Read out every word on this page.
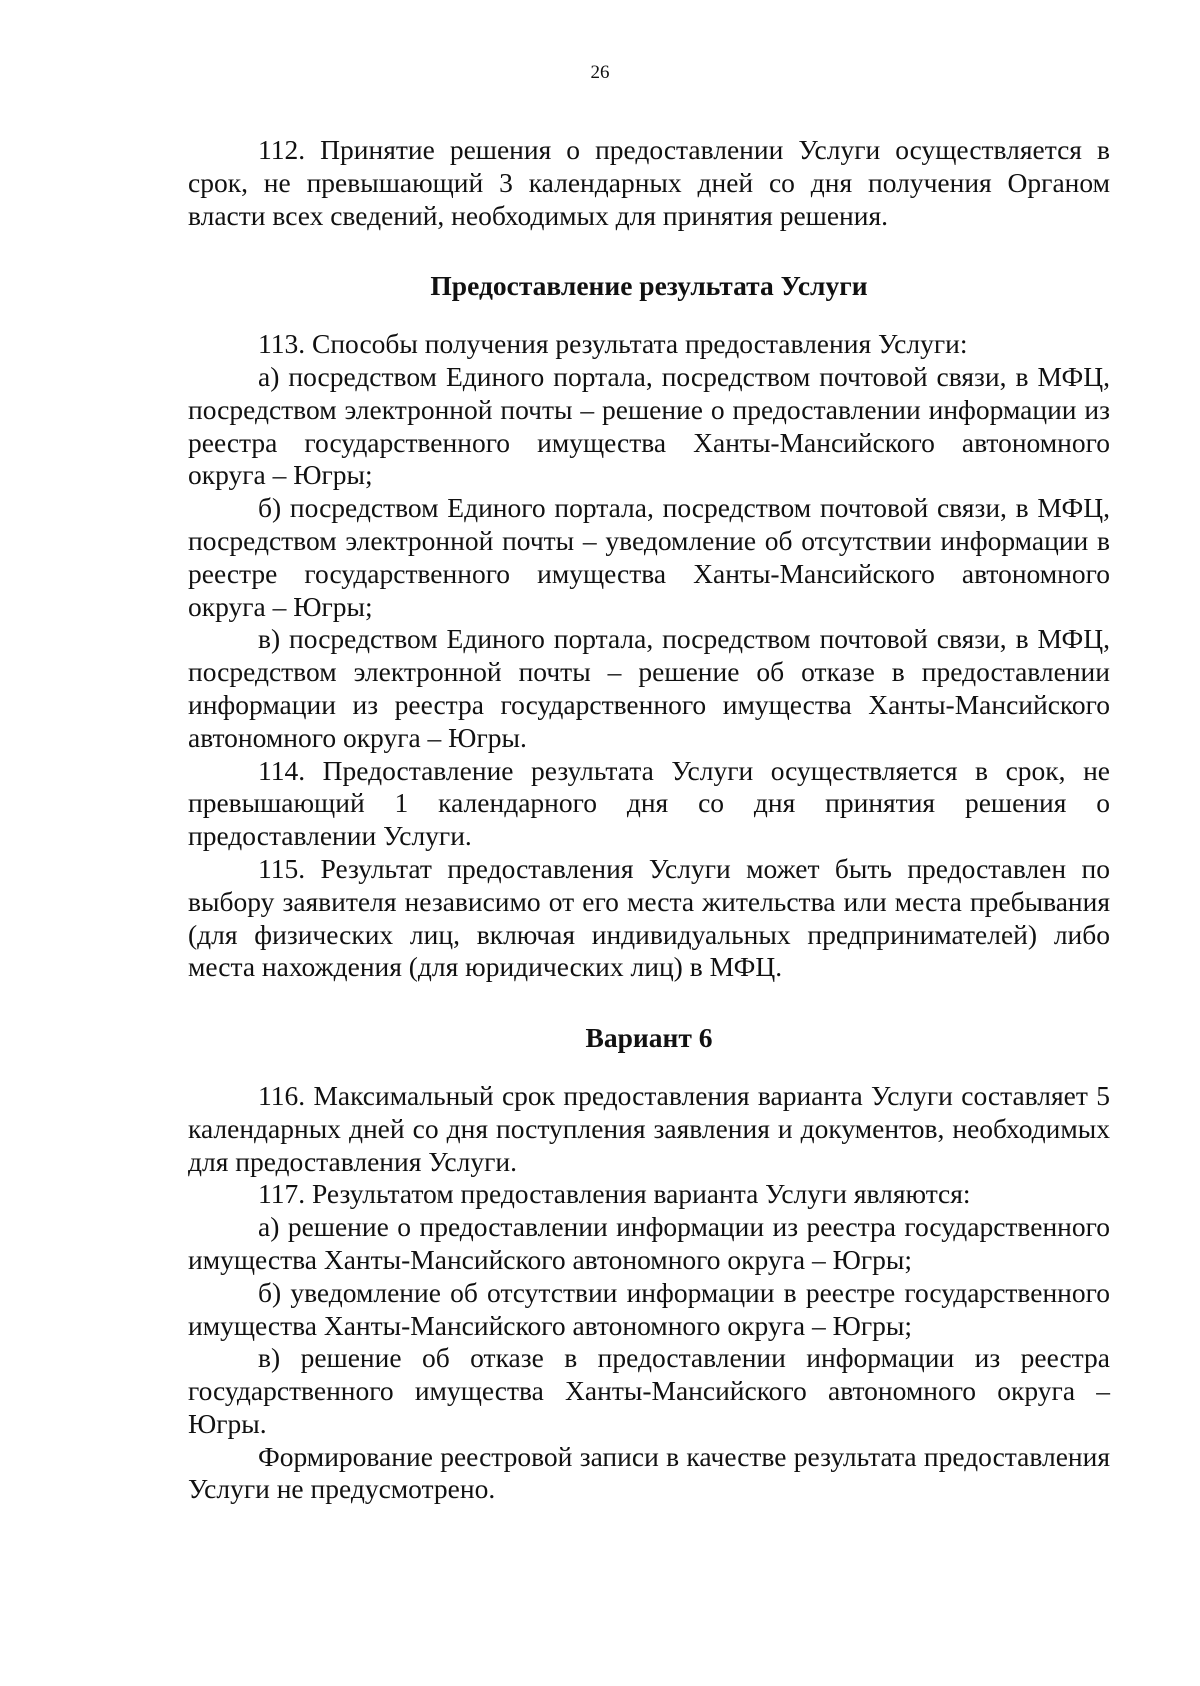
26

112. Принятие решения о предоставлении Услуги осуществляется в срок, не превышающий 3 календарных дней со дня получения Органом власти всех сведений, необходимых для принятия решения.

Предоставление результата Услуги

113. Способы получения результата предоставления Услуги:

а) посредством Единого портала, посредством почтовой связи, в МФЦ, посредством электронной почты – решение о предоставлении информации из реестра государственного имущества Ханты-Мансийского автономного округа – Югры;

б) посредством Единого портала, посредством почтовой связи, в МФЦ, посредством электронной почты – уведомление об отсутствии информации в реестре государственного имущества Ханты-Мансийского автономного округа – Югры;

в) посредством Единого портала, посредством почтовой связи, в МФЦ, посредством электронной почты – решение об отказе в предоставлении информации из реестра государственного имущества Ханты-Мансийского автономного округа – Югры.

114. Предоставление результата Услуги осуществляется в срок, не превышающий 1 календарного дня со дня принятия решения о предоставлении Услуги.

115. Результат предоставления Услуги может быть предоставлен по выбору заявителя независимо от его места жительства или места пребывания (для физических лиц, включая индивидуальных предпринимателей) либо места нахождения (для юридических лиц) в МФЦ.

Вариант 6

116. Максимальный срок предоставления варианта Услуги составляет 5 календарных дней со дня поступления заявления и документов, необходимых для предоставления Услуги.

117. Результатом предоставления варианта Услуги являются:

а) решение о предоставлении информации из реестра государственного имущества Ханты-Мансийского автономного округа – Югры;

б) уведомление об отсутствии информации в реестре государственного имущества Ханты-Мансийского автономного округа – Югры;

в) решение об отказе в предоставлении информации из реестра государственного имущества Ханты-Мансийского автономного округа – Югры.

Формирование реестровой записи в качестве результата предоставления Услуги не предусмотрено.
